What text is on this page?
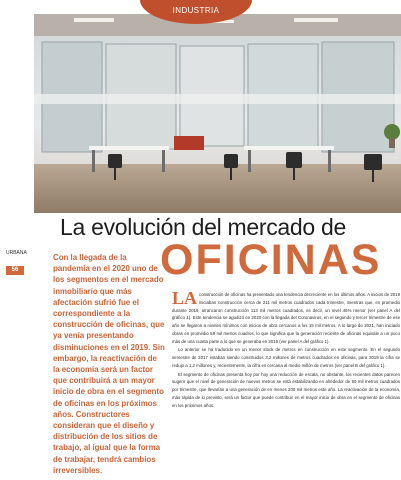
INDUSTRIA
La evolución del mercado de
OFICINAS
URBANA
56
Con la llegada de la pandemia en el 2020 uno de los segmentos en el mercado inmobiliario que más afectación sufrió fue el correspondiente a la construcción de oficinas, que ya venía presentando disminuciones en el 2019. Sin embargo, la reactivación de la economía será un factor que contribuirá a un mayor inicio de obra en el segmento de oficinas en los próximos años. Constructores consideran que el diseño y distribución de los sitios de trabajo, al igual que la forma de trabajar, tendrá cambios irreversibles.

LA construcción de oficinas ha presentado una tendencia decreciente en los últimos años. A inicios de 2019 iniciaban construcción cerca de 211 mil metros cuadrados cada trimestre, mientras que, en promedio durante 2019, arrancaron construcción 113 mil metros cuadrados, es decir, un nivel 46% menor (ver panel A del gráfico 1). Este tendencia se agudizó en 2020 con la llegada del Coronavirus, en el segundo y tercer trimestre de ese año se llegaron a niveles mínimos con inicios de obra cercanos a los 15 mil metros. A lo largo de 2021, han iniciado obras en promedio 58 mil metros cuadros, lo que significa que la generación reciente de oficinas equivale a un poco más de una cuarta parte a lo que se generaba en 2016 (ver panel A del gráfico 1).

Lo anterior se ha traducido en un menor stock de metros en construcción en este segmento. En el segundo semestre de 2017 estaban siendo construidos 3,2 millones de metros cuadrados en oficinas, para 2019 la cifra se redujo a 1,2 millones y, recientemente, la cifra es cercana al medio millón de metros (ver panel B del gráfico 1).

El segmento de oficinas presenta hoy por hoy una reducción de escala, no obstante, los recientes datos parecen sugerir que el nivel de generación de nuevos metros se está estabilizando en alrededor de 50 mil metros cuadrados por trimestre, que llevarían a una generación de en menos 200 mil metros este año. La reactivación de la economía, más rápida de lo previsto, será un factor que puede contribuir en el mayor inicio de obra en el segmento de oficinas en los próximos años.
